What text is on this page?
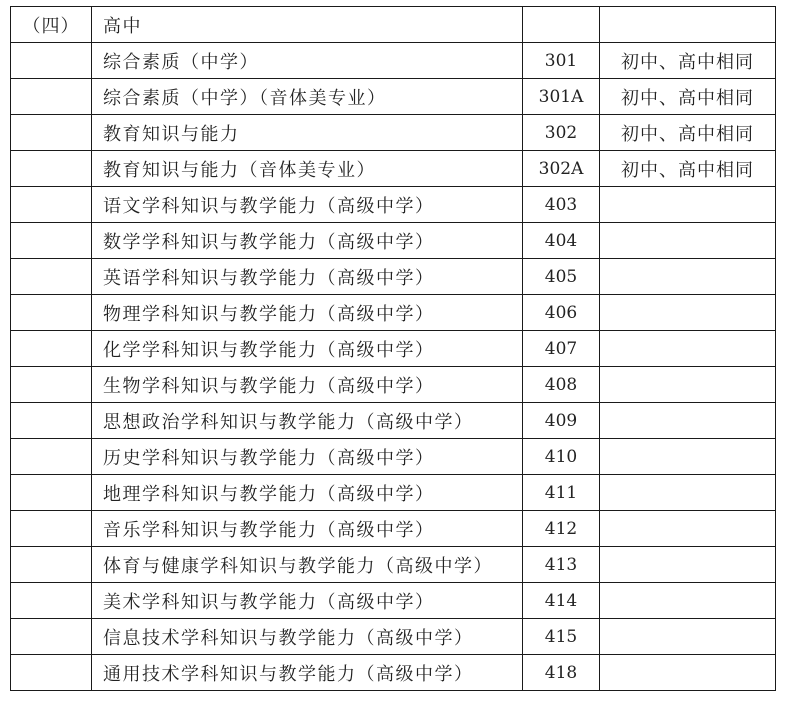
（四）	高中		
	综合素质（中学）	301	初中、高中相同
	综合素质（中学）（音体美专业）	301A	初中、高中相同
	教育知识与能力	302	初中、高中相同
	教育知识与能力（音体美专业）	302A	初中、高中相同
	语文学科知识与教学能力（高级中学）	403	
	数学学科知识与教学能力（高级中学）	404	
	英语学科知识与教学能力（高级中学）	405	
	物理学科知识与教学能力（高级中学）	406	
	化学学科知识与教学能力（高级中学）	407	
	生物学科知识与教学能力（高级中学）	408	
	思想政治学科知识与教学能力（高级中学）	409	
	历史学科知识与教学能力（高级中学）	410	
	地理学科知识与教学能力（高级中学）	411	
	音乐学科知识与教学能力（高级中学）	412	
	体育与健康学科知识与教学能力（高级中学）	413	
	美术学科知识与教学能力（高级中学）	414	
	信息技术学科知识与教学能力（高级中学）	415	
	通用技术学科知识与教学能力（高级中学）	418	
